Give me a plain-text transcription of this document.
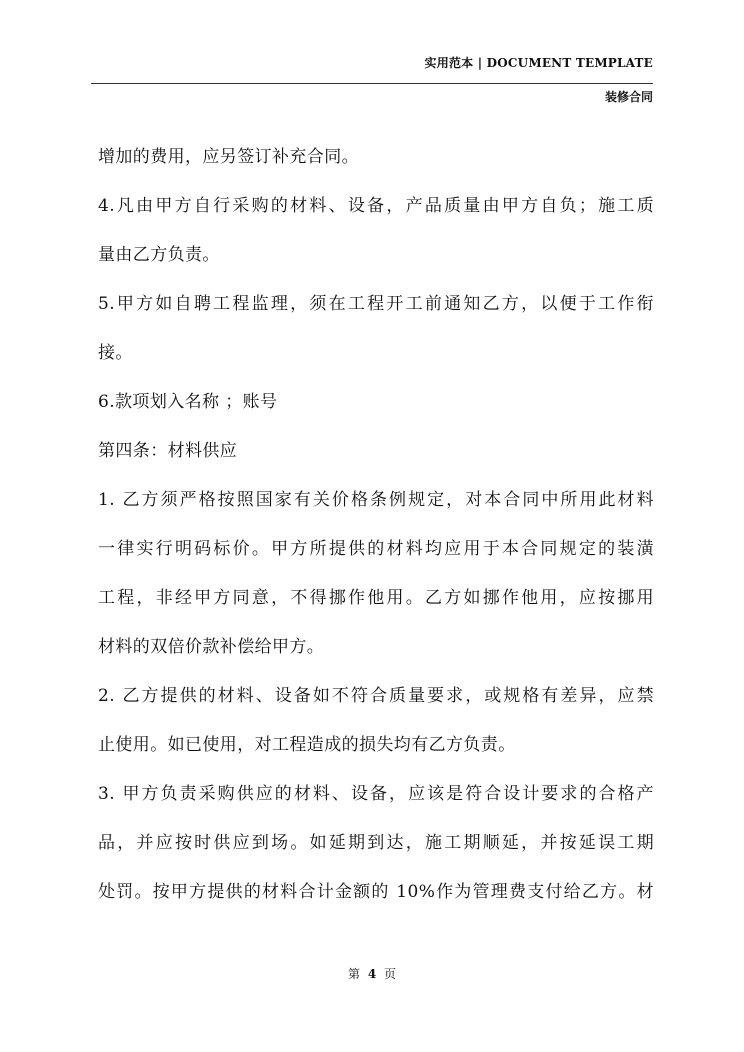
实用范本 | DOCUMENT TEMPLATE
装修合同
增加的费用，应另签订补充合同。
4.凡由甲方自行采购的材料、设备，产品质量由甲方自负；施工质
量由乙方负责。
5.甲方如自聘工程监理，须在工程开工前通知乙方，以便于工作衔
接。
6.款项划入名称 ；账号
第四条：材料供应
1. 乙方须严格按照国家有关价格条例规定，对本合同中所用此材料
一律实行明码标价。甲方所提供的材料均应用于本合同规定的装潢
工程，非经甲方同意，不得挪作他用。乙方如挪作他用，应按挪用
材料的双倍价款补偿给甲方。
2. 乙方提供的材料、设备如不符合质量要求，或规格有差异，应禁
止使用。如已使用，对工程造成的损失均有乙方负责。
3. 甲方负责采购供应的材料、设备，应该是符合设计要求的合格产
品，并应按时供应到场。如延期到达，施工期顺延，并按延误工期
处罚。按甲方提供的材料合计金额的 10%作为管理费支付给乙方。材
第 4 页
